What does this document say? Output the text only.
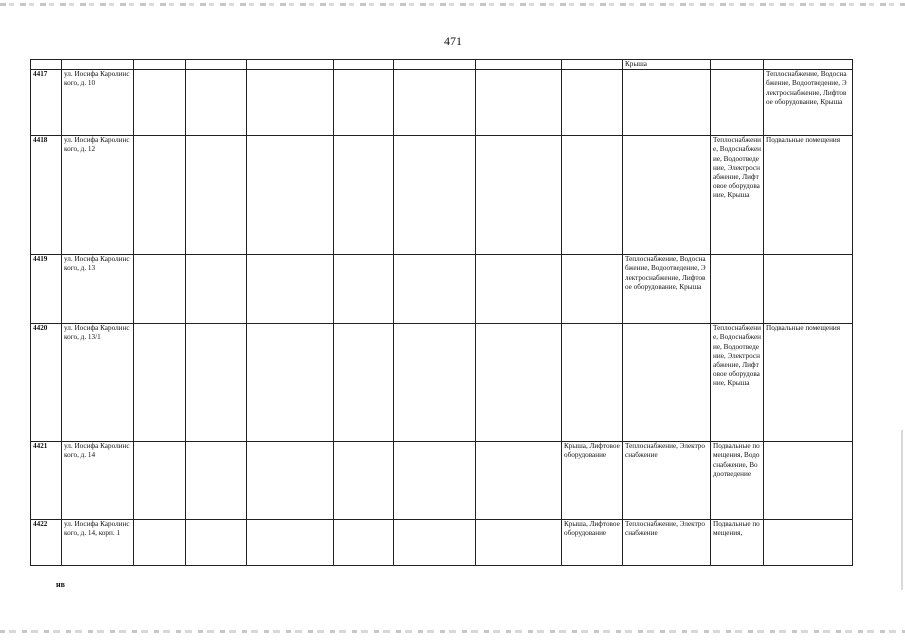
471
									Крыша		
4417	ул. Иосифа Каролинского, д. 10										Теплоснабжение, Водоснабжение, Водоотведение, Электроснабжение, Лифтовое оборудование, Крыша
4418	ул. Иосифа Каролинского, д. 12									Теплоснабжение, Водоснабжение, Водоотведение, Электроснабжение, Лифтовое оборудование, Крыша	Подвальные помещения
4419	ул. Иосифа Каролинского, д. 13								Теплоснабжение, Водоснабжение, Водоотведение, Электроснабжение, Лифтовое оборудование, Крыша		
4420	ул. Иосифа Каролинского, д. 13/1									Теплоснабжение, Водоснабжение, Водоотведение, Электроснабжение, Лифтовое оборудование, Крыша	Подвальные помещения
4421	ул. Иосифа Каролинского, д. 14							Крыша, Лифтовое оборудование	Теплоснабжение, Электроснабжение	Подвальные помещения, Водоснабжение, Водоотведение	
4422	ул. Иосифа Каролинского, д. 14, корп. 1							Крыша, Лифтовое оборудование	Теплоснабжение, Электроснабжение	Подвальные помещения,	
нв
